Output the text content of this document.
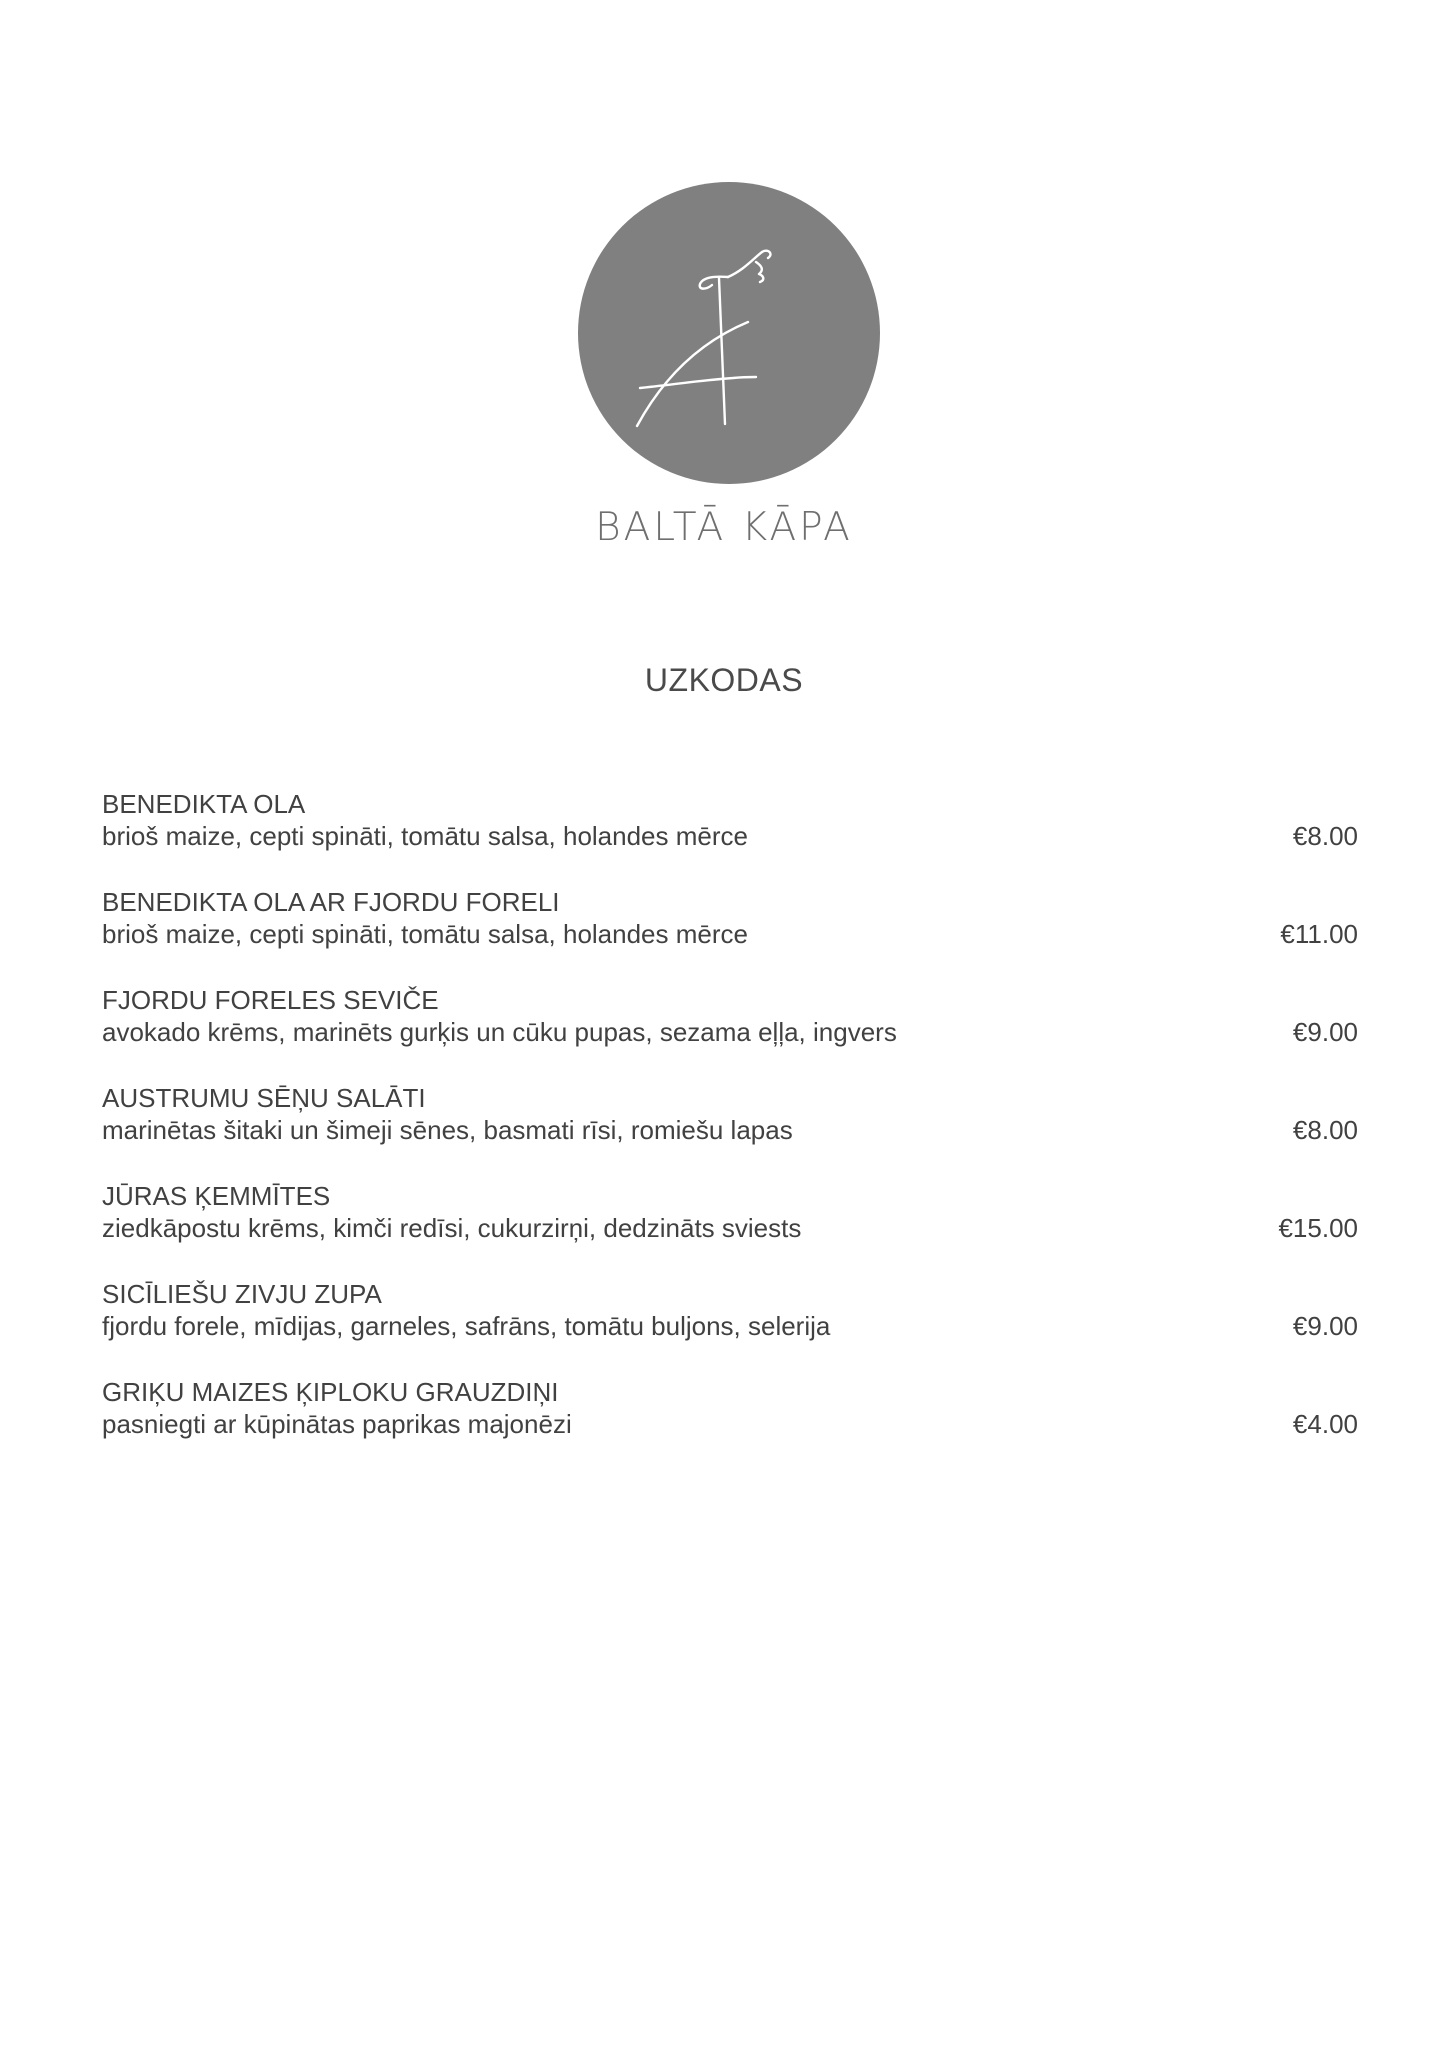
BALTĀ KĀPA
UZKODAS
BENEDIKTA OLA
brioš maize, cepti spināti, tomātu salsa, holandes mērce	€8.00
BENEDIKTA OLA AR FJORDU FORELI
brioš maize, cepti spināti, tomātu salsa, holandes mērce	€11.00
FJORDU FORELES SEVIČE
avokado krēms, marinēts gurķis un cūku pupas, sezama eļļa, ingvers	€9.00
AUSTRUMU SĒŅU SALĀTI
marinētas šitaki un šimeji sēnes, basmati rīsi, romiešu lapas	€8.00
JŪRAS ĶEMMĪTES
ziedkāpostu krēms, kimči redīsi, cukurzirņi, dedzināts sviests	€15.00
SICĪLIEŠU ZIVJU ZUPA
fjordu forele, mīdijas, garneles, safrāns, tomātu buljons, selerija	€9.00
GRIĶU MAIZES ĶIPLOKU GRAUZDIŅI
pasniegti ar kūpinātas paprikas majonēzi	€4.00
